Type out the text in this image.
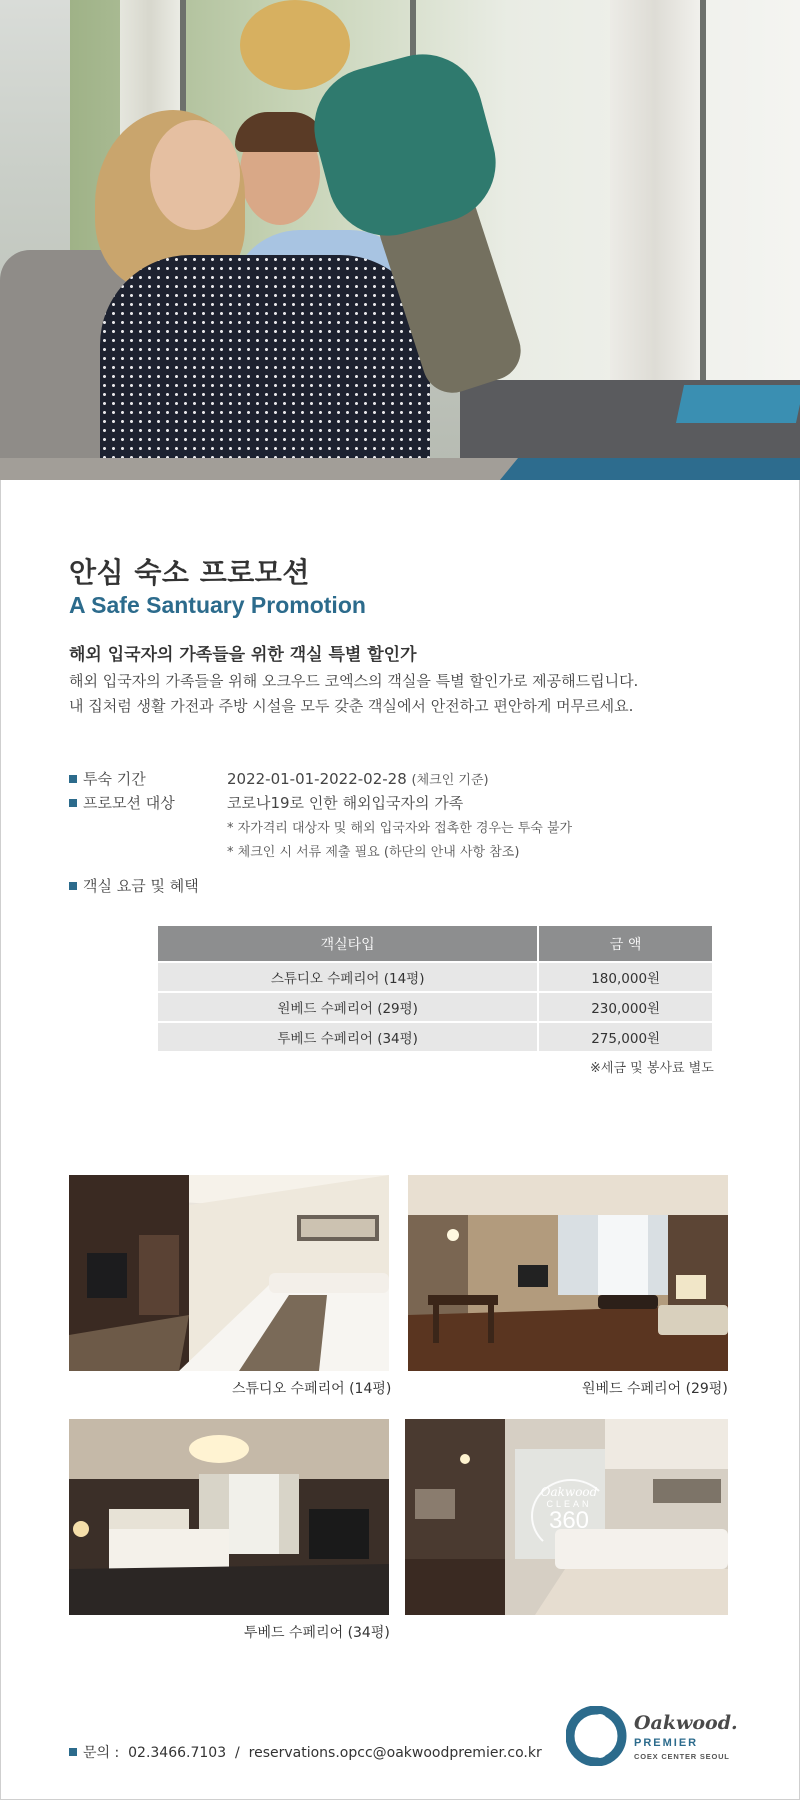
안심 숙소 프로모션
A Safe Santuary Promotion
해외 입국자의 가족들을 위한 객실 특별 할인가
해외 입국자의 가족들을 위해 오크우드 코엑스의 객실을 특별 할인가로 제공해드립니다.
내 집처럼 생활 가전과 주방 시설을 모두 갖춘 객실에서 안전하고 편안하게 머무르세요.
투숙 기간	2022-01-01-2022-02-28 (체크인 기준)
프로모션 대상	코로나19로 인한 해외입국자의 가족
* 자가격리 대상자 및 해외 입국자와 접촉한 경우는 투숙 불가
* 체크인 시 서류 제출 필요 (하단의 안내 사항 참조)
객실 요금 및 혜택
객실타입	금 액
스튜디오 수페리어 (14평)	180,000원
원베드 수페리어 (29평)	230,000원
투베드 수페리어 (34평)	275,000원
※세금 및 봉사료 별도
스튜디오 수페리어 (14평)	원베드 수페리어 (29평)
투베드 수페리어 (34평)
Oakwood
CLEAN
360
문의 : 02.3466.7103 / reservations.opcc@oakwoodpremier.co.kr
Oakwood.
PREMIER
COEX CENTER SEOUL
